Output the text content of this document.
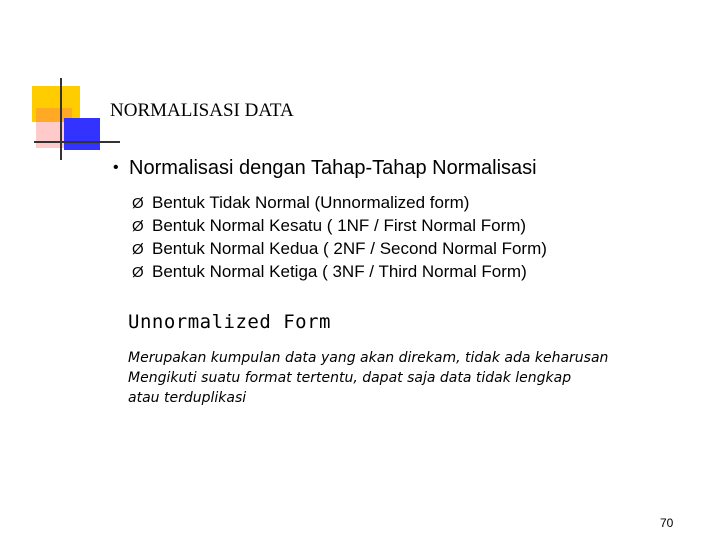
NORMALISASI DATA
• Normalisasi dengan Tahap-Tahap Normalisasi
Ø Bentuk Tidak Normal (Unnormalized form)
Ø Bentuk Normal Kesatu ( 1NF / First Normal Form)
Ø Bentuk Normal Kedua ( 2NF / Second Normal Form)
Ø Bentuk Normal Ketiga ( 3NF / Third Normal Form)
Unnormalized Form
Merupakan kumpulan data yang akan direkam, tidak ada keharusan
Mengikuti suatu format tertentu, dapat saja data tidak lengkap
atau terduplikasi
70
